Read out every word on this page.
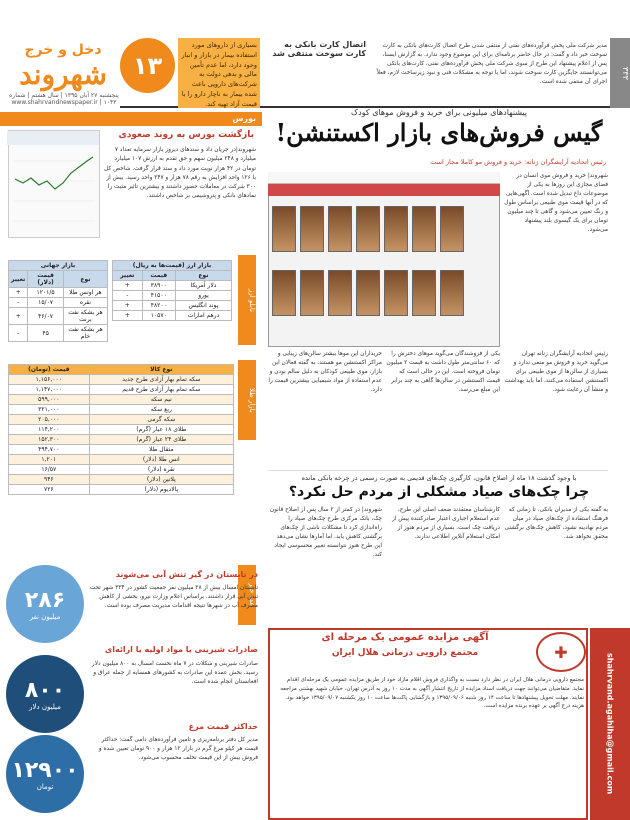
دخل و خرج
شهروند
پنجشنبه ۲۷ آبان ۱۳۹۵ | سال هشتم | شماره ۱۰۴۳ | www.shahrvandnewspaper.ir
۱۳
بسیاری از داروهای مورد استفاده بیمار در بازار و انبار وجود دارد، اما عدم تأمین مالی و بدهی دولت به شرکت‌های دارویی باعث شده بیمار به ناچار دارو را با قیمت آزاد تهیه کند.
اتصال کارت بانکی به کارت سوخت منتفی شد
مدیر شرکت ملی پخش فرآورده‌های نفتی از منتفی شدن طرح اتصال کارت‌های بانکی به کارت سوخت خبر داد و گفت: در حال حاضر برنامه‌ای برای این موضوع وجود ندارد. به گزارش ایسنا، پس از اعلام پیشنهاد این طرح از سوی شرکت ملی پخش فرآورده‌های نفتی، کارت‌های بانکی می‌توانستند جایگزین کارت سوخت شوند، اما با توجه به مشکلات فنی و نبود زیرساخت لازم، فعلاً اجرای آن منتفی شده است.
۳۳۳
بورس
بازگشت بورس به روند صعودی
شهروند|در جریان داد و ستدهای دیروز بازار سرمایه تعداد ۷ میلیارد و ۲۴۸ میلیون سهم و حق تقدم به ارزش ۱۰۷ میلیارد تومان در ۴۲ هزار نوبت مورد داد و ستد قرار گرفت. شاخص کل با ۱۲۶ واحد افزایش به رقم ۷۸ هزار و ۲۴۷ واحد رسید. بیش از ۳۰۰ شرکت در معاملات حضور داشتند و بیشترین تاثیر مثبت را نمادهای بانکی و پتروشیمی بر شاخص داشتند.
بازار جهانی		
نوع	قیمت (دلار)	تغییر
هر اونس طلا	۱۲۰۱/۵	+
نقره	۱۵/۰۷	-
هر بشکه نفت برنت	۴۶/۰۷	+
هر بشکه نفت خام	۴۵	-
بازار ارز (قیمت‌ها به ریال)		
نوع	قیمت	تغییر
دلار آمریکا	۳۸۹۰۰	+
یورو	۴۱۵۰۰	-
پوند انگلیس	۴۸۲۰۰	+
درهم امارات	۱۰۵۷۰	+
تابلو ارز
بازار طلا
نوع کالا	قیمت (تومان)
سکه تمام بهار آزادی طرح جدید	۱,۱۵۶,۰۰۰
سکه تمام بهار آزادی طرح قدیم	۱,۱۴۷,۰۰۰
نیم سکه	۵۹۹,۰۰۰
ربع سکه	۳۲۱,۰۰۰
سکه گرمی	۲۰۵,۰۰۰
طلای ۱۸ عیار (گرم)	۱۱۴,۲۰۰
طلای ۲۴ عیار (گرم)	۱۵۲,۳۰۰
مثقال طلا	۴۹۴,۷۰۰
انس طلا (دلار)	۱,۲۰۱
نقره (دلار)	۱۶/۵۷
پلاتین (دلار)	۹۴۶
پالادیوم (دلار)	۷۲۶
عدد خبر
۲۸۶
میلیون نفر
در تابستان در گیر تنش آبی می‌شوند
تابستان امسال بیش از ۲۸ میلیون نفر جمعیت کشور در ۳۳۴ شهر تحت تنش آبی قرار داشتند. براساس اعلام وزارت نیرو، بخشی از کاهش مصرف آب در شهرها نتیجه اقدامات مدیریت مصرف بوده است.
۸۰۰
میلیون دلار
صادرات شیرینی یا مواد اولیه یا ارائه‌ای
صادرات شیرینی و شکلات در ۷ ماه نخست امسال به ۸۰۰ میلیون دلار رسید. بخش عمده این صادرات به کشورهای همسایه از جمله عراق و افغانستان انجام شده است.
۱۲۹۰۰
تومان
حداکثر قیمت مرغ
مدیر کل دفتر برنامه‌ریزی و تامین فرآورده‌های دامی گفت: حداکثر قیمت هر کیلو مرغ گرم در بازار ۱۲ هزار و ۹۰۰ تومان تعیین شده و فروش بیش از این قیمت تخلف محسوب می‌شود.
پیشنهادهای میلیونی برای خرید و فروش موهای کودک
گیس فروش‌های بازار اکستنشن!
رئیس اتحادیه آرایشگران زنانه: خرید و فروش مو کاملا مجاز است
شهروند| خرید و فروش موی انسان در فضای مجازی این روزها به یکی از موضوعات داغ تبدیل شده است. آگهی‌هایی که در آنها قیمت موی طبیعی براساس طول و رنگ تعیین می‌شود و گاهی تا چند میلیون تومان برای یک گیسوی بلند پیشنهاد می‌شود.
خریداران این موها بیشتر سالن‌های زیبایی و مراکز اکستنشن مو هستند. به گفته فعالان این بازار، موی طبیعی کودکان به دلیل سالم بودن و عدم استفاده از مواد شیمیایی بیشترین قیمت را دارد.
یکی از فروشندگان می‌گوید موهای دخترش را که ۶۰ سانتی‌متر طول داشت به قیمت ۲ میلیون تومان فروخته است. این در حالی است که قیمت اکستنشن در سالن‌ها گاهی به چند برابر این مبلغ می‌رسد.
رئیس اتحادیه آرایشگران زنانه تهران می‌گوید خرید و فروش مو منعی ندارد و بسیاری از سالن‌ها از موی طبیعی برای اکستنشن استفاده می‌کنند، اما باید بهداشت و منشأ آن رعایت شود.
با وجود گذشت ۱۸ ماه از اصلاح قانون، کارگیری چک‌های قدیمی به صورت رسمی در چرخه بانکی مانده
چرا چک‌های صیاد مشکلی از مردم حل نکرد؟
شهروند| در کمتر از ۲ سال پس از اصلاح قانون چک، بانک مرکزی طرح چک‌های صیاد را راه‌اندازی کرد تا مشکلات ناشی از چک‌های برگشتی کاهش یابد. اما آمارها نشان می‌دهد این طرح هنوز نتوانسته تغییر محسوسی ایجاد کند.
کارشناسان معتقدند ضعف اصلی این طرح، عدم استعلام اجباری اعتبار صادرکننده پیش از دریافت چک است. بسیاری از مردم هنوز از امکان استعلام آنلاین اطلاعی ندارند.
به گفته یکی از مدیران بانکی، تا زمانی که فرهنگ استفاده از چک‌های صیاد در میان مردم نهادینه نشود، کاهش چک‌های برگشتی محقق نخواهد شد.
آگهی مزایده عمومی یک مرحله ای
مجتمع دارویی درمانی هلال ایران	✚
مجتمع دارویی درمانی هلال ایران در نظر دارد نسبت به واگذاری فروش اقلام مازاد خود از طریق مزایده عمومی یک مرحله‌ای اقدام نماید. متقاضیان می‌توانند جهت دریافت اسناد مزایده از تاریخ انتشار آگهی به مدت ۱۰ روز به آدرس تهران، خیابان شهید بهشتی مراجعه نمایند. مهلت تحویل پیشنهادها تا ساعت ۱۴ روز شنبه ۱۳۹۵/۰۹/۰۶ و بازگشایی پاکت‌ها ساعت ۱۰ روز یکشنبه ۱۳۹۵/۰۹/۰۷ خواهد بود. هزینه درج آگهی بر عهده برنده مزایده است.	shahrvand.agahiha@gmail.com
